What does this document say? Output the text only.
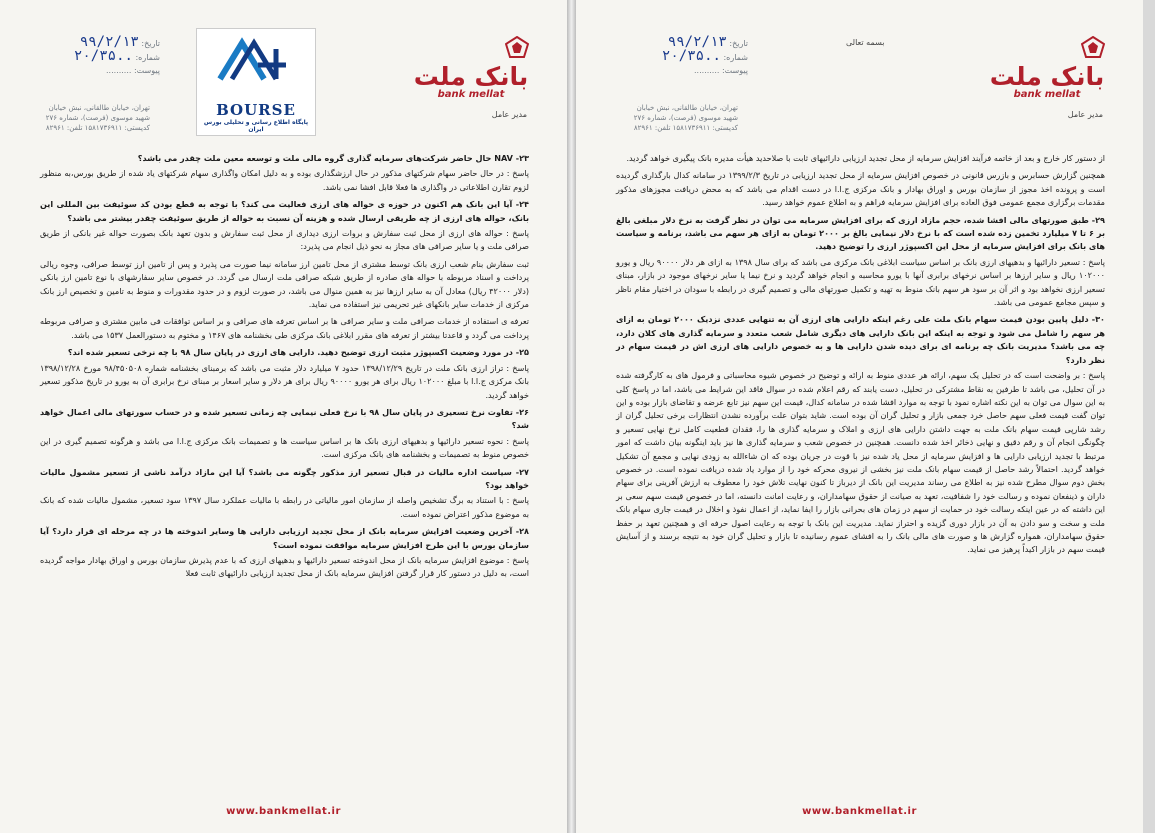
بانک ملت
bank mellat
تاریخ: ۹۹/۲/۱۳
شماره: ..۲۰/۳۵
پیوست: ..........
تهران، خیابان طالقانی، نبش خیابان شهید موسوی (فرصت)، شماره ۲۷۶ کدپستی: ۱۵۸۱۷۳۶۹۱۱ تلفن: ۸۲۹۶۱
مدیر عامل
BOURSE
پایگاه اطلاع رسانی و تحلیلی بورس ایران

NAV -۲۳ حال حاضر شرکت‌های سرمایه گذاری گروه مالی ملت و توسعه معین ملت چقدر می باشد؟

پاسخ : در حال حاضر سهام شرکتهای مذکور در حال ارزشگذاری بوده و به دلیل امکان واگذاری سهام شرکتهای یاد شده از طریق بورس،به منظور لزوم تقارن اطلاعاتی در واگذاری ها فعلا قابل افشا نمی باشد.

۲۴- آیا این بانک هم اکنون در حوزه ی حواله های ارزی فعالیت می کند؟ با توجه به قطع بودن کد سوئیفت بین المللی این بانک، حواله های ارزی از چه طریقی ارسال شده و هزینه آن نسبت به حواله از طریق سوئیفت چقدر بیشتر می باشد؟

پاسخ : حواله های ارزی از محل ثبت سفارش و بروات ارزی دیداری از محل ثبت سفارش و بدون تعهد بانک بصورت حواله غیر بانکی از طریق صرافی ملت و یا سایر صرافی های مجاز به نحو ذیل انجام می پذیرد:

ثبت سفارش بنام شعب ارزی بانک توسط مشتری از محل تامین ارز سامانه نیما صورت می پذیرد و پس از تامین ارز توسط صرافی، وجوه ریالی پرداخت و اسناد مربوطه با حواله های صادره از طریق شبکه صرافی ملت ارسال می گردد. در خصوص سایر سفارشهای با نوع تامین ارز بانکی (دلار ۴۲۰۰۰ ریال) معادل آن به سایر ارزها نیز به همین منوال می باشد، در صورت لزوم و در حدود مقدورات و منوط به تامین و تخصیص ارز بانک مرکزی از خدمات سایر بانکهای غیر تحریمی نیز استفاده می نماید.

تعرفه ی استفاده از خدمات صرافی ملت و سایر صرافی ها بر اساس تعرفه های صرافی و بر اساس توافقات فی مابین مشتری و صرافی مربوطه پرداخت می گردد و قاعدتا بیشتر از تعرفه های مقرر ابلاغی بانک مرکزی طی بخشنامه های ۱۴۶۷ و مختوم به دستورالعمل ۱۵۳۷ می باشد.

۲۵- در مورد وضعیت اکسپوژر مثبت ارزی توضیح دهید. دارایی های ارزی در پایان سال ۹۸ با چه نرخی تسعیر شده اند؟

پاسخ : تراز ارزی بانک ملت در تاریخ ۱۳۹۸/۱۲/۲۹ حدود ۷ میلیارد دلار مثبت می باشد که برمبنای بخشنامه شماره ۹۸/۴۵۰۵۰۸ مورخ ۱۳۹۸/۱۲/۲۸ بانک مرکزی ج.ا.ا با مبلغ ۱۰۲۰۰۰ ریال برای هر یورو ۹۰۰۰۰ ریال برای هر دلار و سایر اسعار بر مبنای نرخ برابری آن به یورو در تاریخ مذکور تسعیر خواهد گردید.

۲۶- تفاوت نرخ تسعیری در پایان سال ۹۸ با نرخ فعلی نیمایی چه زمانی تسعیر شده و در حساب سورتهای مالی اعمال خواهد شد؟

پاسخ : نحوه تسعیر دارائیها و بدهیهای ارزی بانک ها بر اساس سیاست ها و تصمیمات بانک مرکزی ج.ا.ا می باشد و هرگونه تصمیم گیری در این خصوص منوط به تصمیمات و بخشنامه های بانک مرکزی است.

۲۷- سیاست اداره مالیات در قبال تسعیر ارز مذکور چگونه می باشد؟ آیا این مازاد درآمد ناشی از تسعیر مشمول مالیات خواهد بود؟

پاسخ : با استناد به برگ تشخیص واصله از سازمان امور مالیاتی در رابطه با مالیات عملکرد سال ۱۳۹۷ سود تسعیر، مشمول مالیات شده که بانک به موضوع مذکور اعتراض نموده است.

۲۸- آخرین وضعیت افزایش سرمایه بانک از محل تجدید ارزیابی دارایی ها وسایر اندوخته ها در چه مرحله ای قرار دارد؟ آیا سازمان بورس با این طرح افزایش سرمایه موافقت نموده است؟

پاسخ : موضوع افزایش سرمایه بانک از محل اندوخته تسعیر دارائیها و بدهیهای ارزی که با عدم پذیرش سازمان بورس و اوراق بهادار مواجه گردیده است، به دلیل در دستور کار قرار گرفتن افزایش سرمایه بانک از محل تجدید ارزیابی دارائیهای ثابت فعلا

www.bankmellat.ir
بسمه تعالی
بانک ملت
bank mellat
تاریخ: ۹۹/۲/۱۳
شماره: ..۲۰/۳۵
پیوست: ..........
تهران، خیابان طالقانی، نبش خیابان شهید موسوی (فرصت)، شماره ۲۷۶ کدپستی: ۱۵۸۱۷۳۶۹۱۱ تلفن: ۸۲۹۶۱
مدیر عامل

از دستور کار خارج و بعد از خاتمه فرآیند افزایش سرمایه از محل تجدید ارزیابی دارائیهای ثابت با صلاحدید هیأت مدیره بانک پیگیری خواهد گردید.

همچنین گزارش حسابرس و بازرس قانونی در خصوص افزایش سرمایه از محل تجدید ارزیابی در تاریخ ۱۳۹۹/۲/۳ در سامانه کدال بارگذاری گردیده است و پرونده اخذ مجوز از سازمان بورس و اوراق بهادار و بانک مرکزی ج.ا.ا در دست اقدام می باشد که به محض دریافت مجوزهای مذکور مقدمات برگزاری مجمع عمومی فوق العاده برای افزایش سرمایه فراهم و به اطلاع عموم خواهد رسید.

۲۹- طبق صورتهای مالی افشا شده، حجم مازاد ارزی که برای افزایش سرمایه می توان در نظر گرفت به نرخ دلار مبلغی بالغ بر ۶ تا ۷ میلیارد تخمین زده شده است که با نرخ دلار نیمایی بالغ بر ۲۰۰۰ تومان به ازای هر سهم می باشد، برنامه و سیاست های بانک برای افزایش سرمایه از محل این اکسپوژر ارزی را توضیح دهید.

پاسخ : تسعیر دارائیها و بدهیهای ارزی بانک بر اساس سیاست ابلاغی بانک مرکزی می باشد که برای سال ۱۳۹۸ به ازای هر دلار ۹۰۰۰۰ ریال و یورو ۱۰۲۰۰۰ ریال و سایر ارزها بر اساس نرخهای برابری آنها با یورو محاسبه و انجام خواهد گردید و نرخ نیما یا سایر نرخهای موجود در بازار، مبنای تسعیر ارزی نخواهد بود و اثر آن بر سود هر سهم بانک منوط به تهیه و تکمیل صورتهای مالی و تصمیم گیری در رابطه با سودان در اختیار مقام ناظر و سپس مجامع عمومی می باشد.

۳۰- دلیل پایین بودن قیمت سهام بانک ملت علی رغم اینکه دارایی های ارزی آن به تنهایی عددی نزدیک ۲۰۰۰ تومان به ازای هر سهم را شامل می شود و توجه به اینکه این بانک دارایی های دیگری شامل شعب متعدد و سرمایه گذاری های کلان دارد، چه می باشد؟ مدیریت بانک چه برنامه ای برای دیده شدن دارایی ها و به خصوص دارایی های ارزی اش در قیمت سهام در نظر دارد؟

پاسخ : بر واضحت است که در تحلیل یک سهم، ارائه هر عددی منوط به ارائه و توضیح در خصوص شیوه محاسباتی و فرمول های به کارگرفته شده در آن تحلیل، می باشد تا طرفین به نقاط مشترکی در تحلیل، دست یابند که رقم اعلام شده در سوال فاقد این شرایط می باشد، اما در پاسخ کلی به این سوال می توان به این نکته اشاره نمود با توجه به موارد افشا شده در سامانه کدال، قیمت این سهم نیز تابع عرضه و تقاضای بازار بوده و این توان گفت قیمت فعلی سهم حاصل خرد جمعی بازار و تحلیل گران آن بوده است. شاید بتوان علت برآورده نشدن انتظارات برخی تحلیل گران از رشد شارپی قیمت سهام بانک ملت به جهت داشتن دارایی های ارزی و املاک و سرمایه گذاری ها را، فقدان قطعیت کامل نرخ نهایی تسعیر و چگونگی انجام آن و رقم دقیق و نهایی ذخائر اخذ شده دانست. همچنین در خصوص شعب و سرمایه گذاری ها نیز باید اینگونه بیان داشت که امور مرتبط با تجدید ارزیابی دارایی ها و افزایش سرمایه از محل یاد شده نیز با قوت در جریان بوده که ان شاءالله به زودی نهایی و مجمع آن تشکیل خواهد گردید. احتمالاً رشد حاصل از قیمت سهام بانک ملت نیز بخشی از نیروی محرکه خود را از موارد یاد شده دریافت نموده است. در خصوص بخش دوم سوال مطرح شده نیز به اطلاع می رساند مدیریت این بانک از دیرباز تا کنون نهایت تلاش خود را معطوف به ارزش آفرینی برای سهام داران و ذینفعان نموده و رسالت خود را شفافیت، تعهد به صیانت از حقوق سهامداران، و رعایت امانت دانسته، اما در خصوص قیمت سهم سعی بر این داشته که در عین اینکه رسالت خود در حمایت از سهم در زمان های بحرانی بازار را ایفا نماید، از اعمال نفوذ و اخلال در قیمت جاری سهام بانک ملت و سخت و سو دادن به آن در بازار دوری گزیده و احتراز نماید. مدیریت این بانک با توجه به رعایت اصول حرفه ای و همچنین تعهد بر حفظ حقوق سهامداران، همواره گزارش ها و صورت های مالی بانک را به افشای عموم رسانیده تا بازار و تحلیل گران خود به نتیجه برسند و از آسایش قیمت سهم در بازار اکیداً پرهیز می نماید.

www.bankmellat.ir
